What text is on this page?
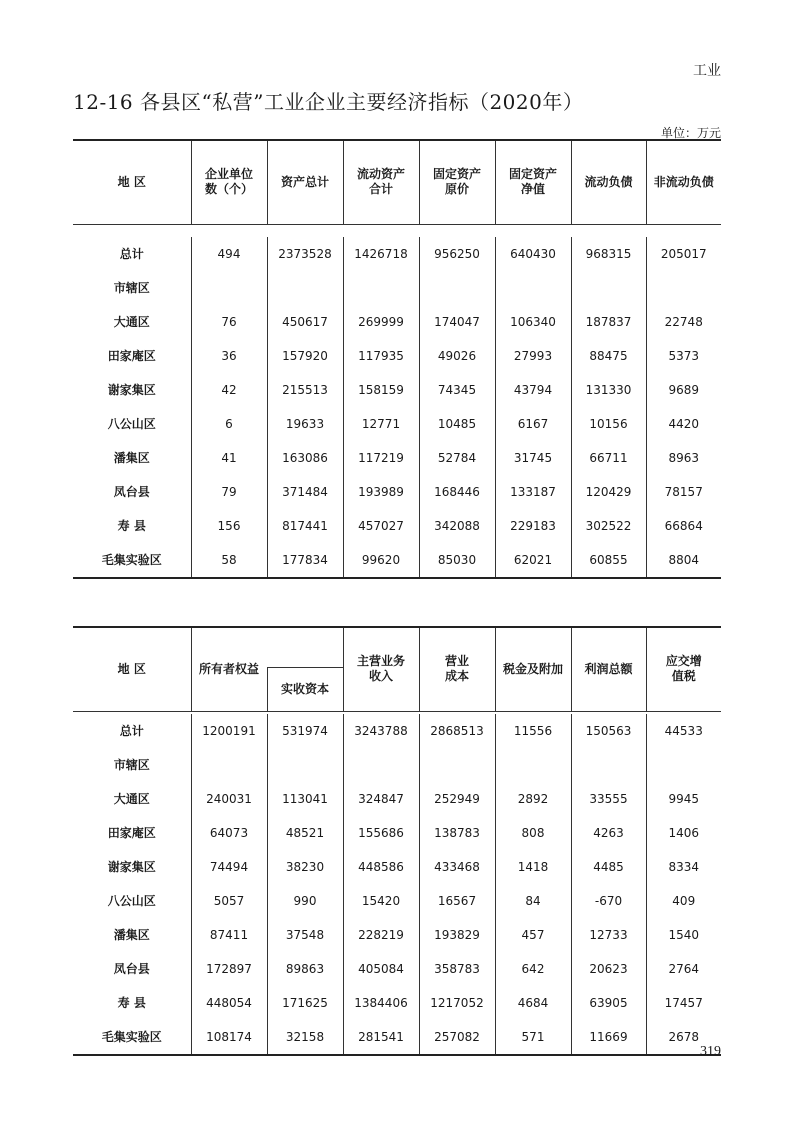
工业
12-16 各县区“私营”工业企业主要经济指标（2020年）
单位：万元
地 区	企业单位数（个）	资产总计	流动资产合计	固定资产原价	固定资产净值	流动负债	非流动负债

总计	494	2373528	1426718	956250	640430	968315	205017
市辖区							
大通区	76	450617	269999	174047	106340	187837	22748
田家庵区	36	157920	117935	49026	27993	88475	5373
谢家集区	42	215513	158159	74345	43794	131330	9689
八公山区	6	19633	12771	10485	6167	10156	4420
潘集区	41	163086	117219	52784	31745	66711	8963
凤台县	79	371484	193989	168446	133187	120429	78157
寿 县	156	817441	457027	342088	229183	302522	66864
毛集实验区	58	177834	99620	85030	62021	60855	8804
地 区	所有者权益		主营业务收入	营业成本	税金及附加	利润总额	应交增值税

		实收资本					

总计	1200191	531974	3243788	2868513	11556	150563	44533
市辖区							
大通区	240031	113041	324847	252949	2892	33555	9945
田家庵区	64073	48521	155686	138783	808	4263	1406
谢家集区	74494	38230	448586	433468	1418	4485	8334
八公山区	5057	990	15420	16567	84	-670	409
潘集区	87411	37548	228219	193829	457	12733	1540
凤台县	172897	89863	405084	358783	642	20623	2764
寿 县	448054	171625	1384406	1217052	4684	63905	17457
毛集实验区	108174	32158	281541	257082	571	11669	2678
319
